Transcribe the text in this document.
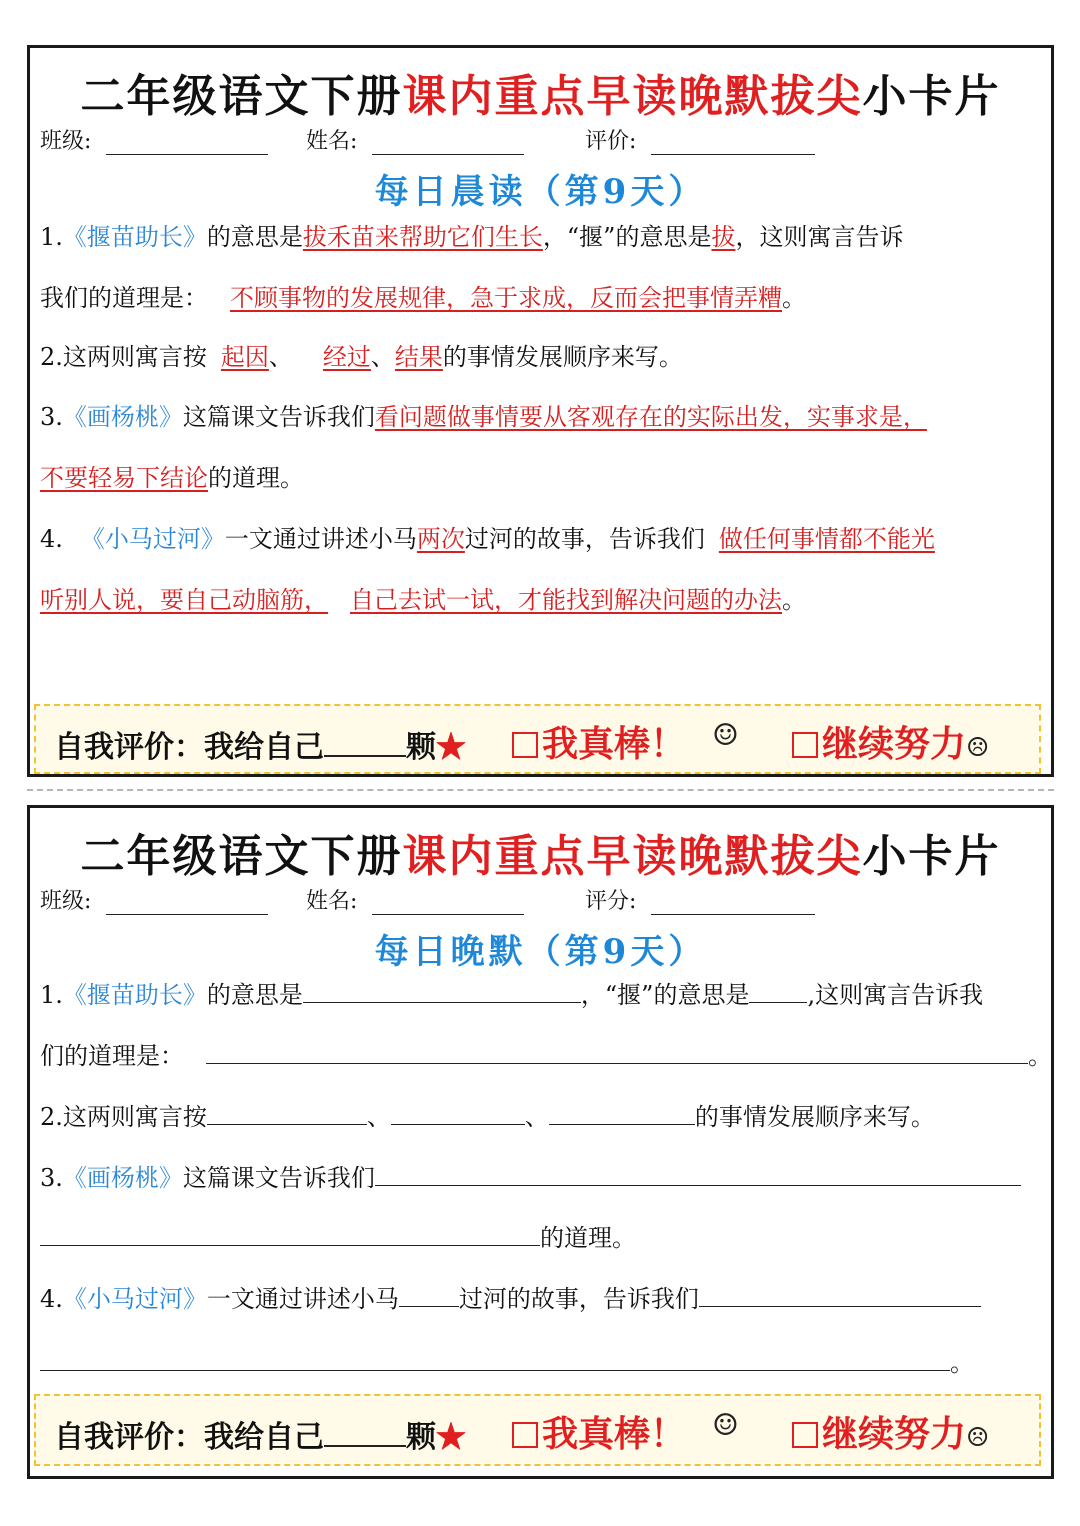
二年级语文下册课内重点早读晚默拔尖小卡片
班级:	姓名:	评价:
每日晨读（第9天）
1.《揠苗助长》的意思是拔禾苗来帮助它们生长，“揠”的意思是拔，这则寓言告诉
我们的道理是： 不顾事物的发展规律，急于求成，反而会把事情弄糟。
2.这两则寓言按 起因、 经过、结果的事情发展顺序来写。
3.《画杨桃》这篇课文告诉我们看问题做事情要从客观存在的实际出发，实事求是，
不要轻易下结论的道理。
4. 《小马过河》一文通过讲述小马两次过河的故事，告诉我们 做任何事情都不能光
听别人说，要自己动脑筋， 自己去试一试，才能找到解决问题的办法。
自我评价：我给自己	颗★	我真棒！ ☺	继续努力☹
二年级语文下册课内重点早读晚默拔尖小卡片
班级:	姓名:	评分:
每日晚默（第9天）
1.《揠苗助长》的意思是	，“揠”的意思是 ,这则寓言告诉我
们的道理是：	。
2.这两则寓言按	、	、	的事情发展顺序来写。
3.《画杨桃》这篇课文告诉我们
的道理。
4.《小马过河》一文通过讲述小马	过河的故事，告诉我们
。
自我评价：我给自己	颗★	我真棒！ ☺	继续努力☹
